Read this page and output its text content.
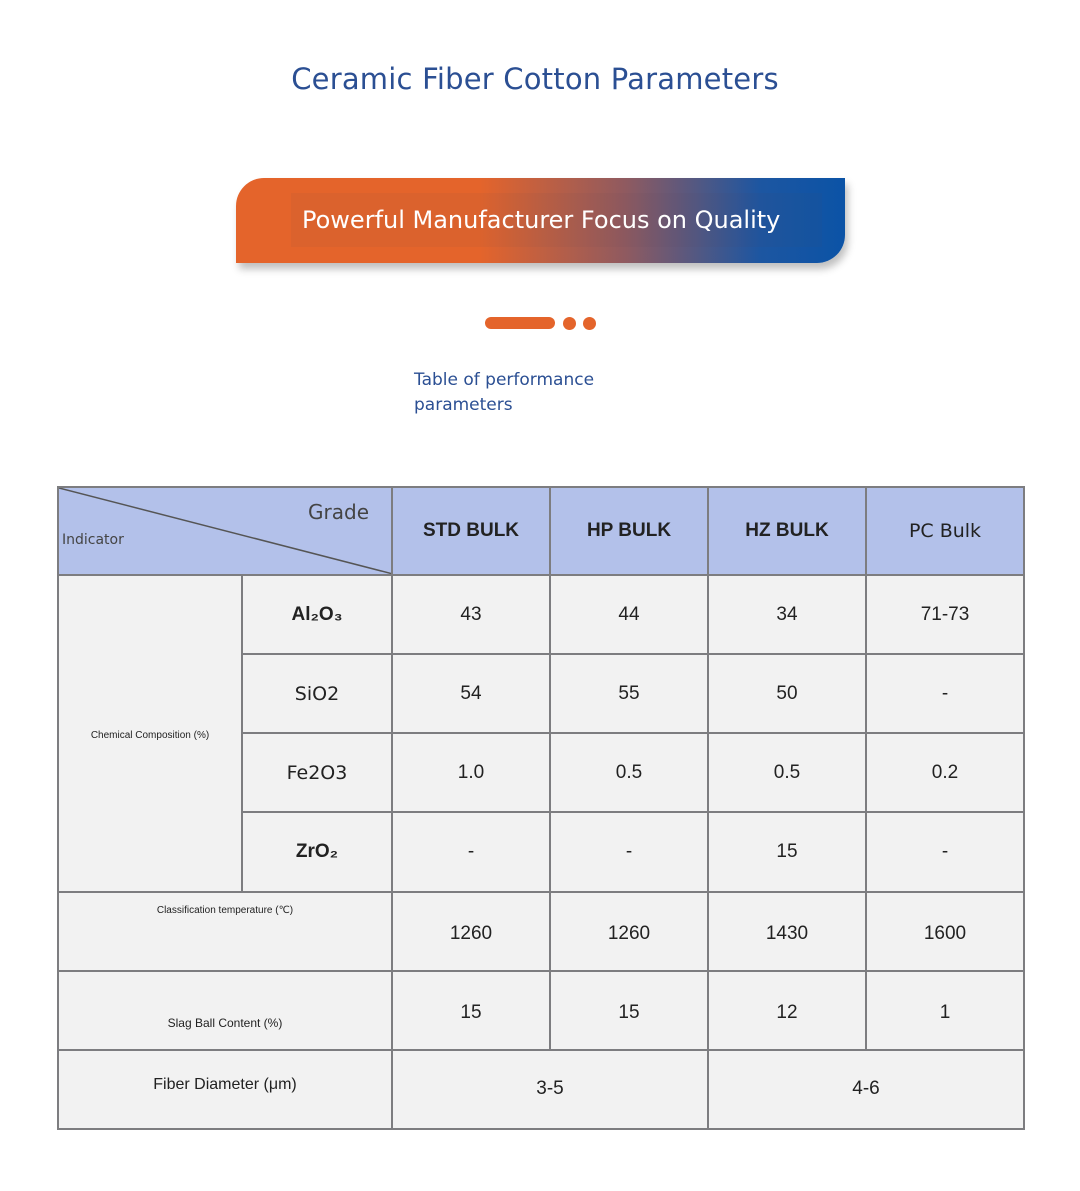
Ceramic Fiber Cotton Parameters
Powerful Manufacturer Focus on Quality
Table of performance
parameters
Grade
Indicator		STD BULK	HP BULK	HZ BULK	PC Bulk
Chemical Composition (%)	Al₂O₃	43	44	34	71-73
	SiO2	54	55	50	-
	Fe2O3	1.0	0.5	0.5	0.2
	ZrO₂	-	-	15	-

Classification temperature (℃)		1260	1260	1430	1600

Slag Ball Content (%)		15	15	12	1

Fiber Diameter (μm)		3-5		4-6	
